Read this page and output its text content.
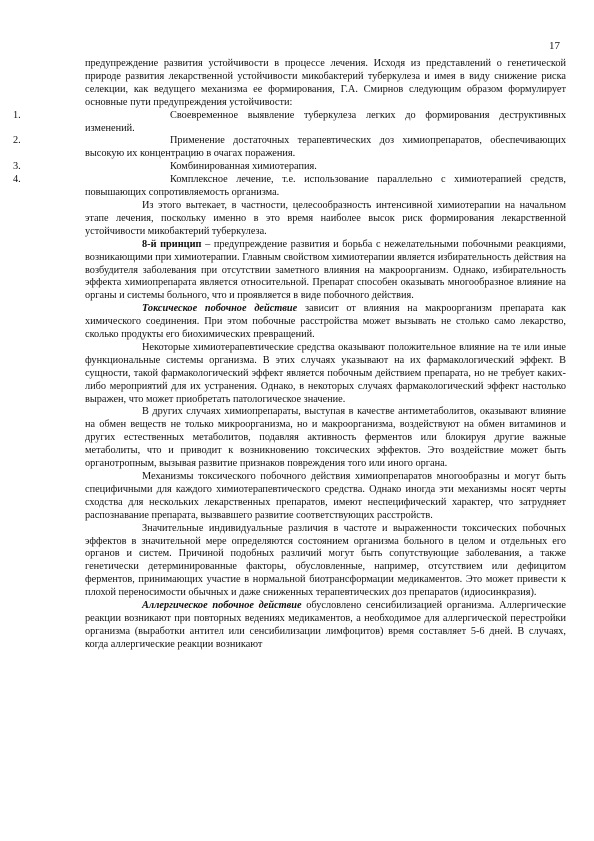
17

предупреждение развития устойчивости в процессе лечения. Исходя из представлений о генетической природе развития лекарственной устойчивости микобактерий туберкулеза и имея в виду снижение риска селекции, как ведущего механизма ее формирования, Г.А. Смирнов следующим образом формулирует основные пути предупреждения устойчивости:

1.	Своевременное выявление туберкулеза легких до формирования деструктивных изменений.

2.	Применение достаточных терапевтических доз химиопрепаратов, обеспечивающих высокую их концентрацию в очагах поражения.

3.	Комбинированная химиотерапия.

4.	Комплексное лечение, т.е. использование параллельно с химиотерапией средств, повышающих сопротивляемость организма.

Из этого вытекает, в частности, целесообразность интенсивной химиотерапии на начальном этапе лечения, поскольку именно в это время наиболее высок риск формирования лекарственной устойчивости микобактерий туберкулеза.

8-й принцип – предупреждение развития и борьба с нежелательными побочными реакциями, возникающими при химиотерапии. Главным свойством химиотерапии является избирательность действия на возбудителя заболевания при отсутствии заметного влияния на макроорганизм. Однако, избирательность эффекта химиопрепарата является относительной. Препарат способен оказывать многообразное влияние на органы и системы больного, что и проявляется в виде побочного действия.

Токсическое побочное действие зависит от влияния на макроорганизм препарата как химического соединения. При этом побочные расстройства может вызывать не столько само лекарство, сколько продукты его биохимических превращений.

Некоторые химиотерапевтические средства оказывают положительное влияние на те или иные функциональные системы организма. В этих случаях указывают на их фармакологический эффект. В сущности, такой фармакологический эффект является побочным действием препарата, но не требует каких-либо мероприятий для их устранения. Однако, в некоторых случаях фармакологический эффект настолько выражен, что может приобретать патологическое значение.

В других случаях химиопрепараты, выступая в качестве антиметаболитов, оказывают влияние на обмен веществ не только микроорганизма, но и макроорганизма, воздействуют на обмен витаминов и других естественных метаболитов, подавляя активность ферментов или блокируя другие важные метаболиты, что и приводит к возникновению токсических эффектов. Это воздействие может быть органотропным, вызывая развитие признаков повреждения того или иного органа.

Механизмы токсического побочного действия химиопрепаратов многообразны и могут быть специфичными для каждого химиотерапевтического средства. Однако иногда эти механизмы носят черты сходства для нескольких лекарственных препаратов, имеют неспецифический характер, что затрудняет распознавание препарата, вызвавшего развитие соответствующих расстройств.

Значительные индивидуальные различия в частоте и выраженности токсических побочных эффектов в значительной мере определяются состоянием организма больного в целом и отдельных его органов и систем. Причиной подобных различий могут быть сопутствующие заболевания, а также генетически детерминированные факторы, обусловленные, например, отсутствием или дефицитом ферментов, принимающих участие в нормальной биотрансформации медикаментов. Это может привести к плохой переносимости обычных и даже сниженных терапевтических доз препаратов (идиосинкразия).

Аллергическое побочное действие обусловлено сенсибилизацией организма. Аллергические реакции возникают при повторных ведениях медикаментов, а необходимое для аллергической перестройки организма (выработки антител или сенсибилизации лимфоцитов) время составляет 5-6 дней. В случаях, когда аллергические реакции возникают
